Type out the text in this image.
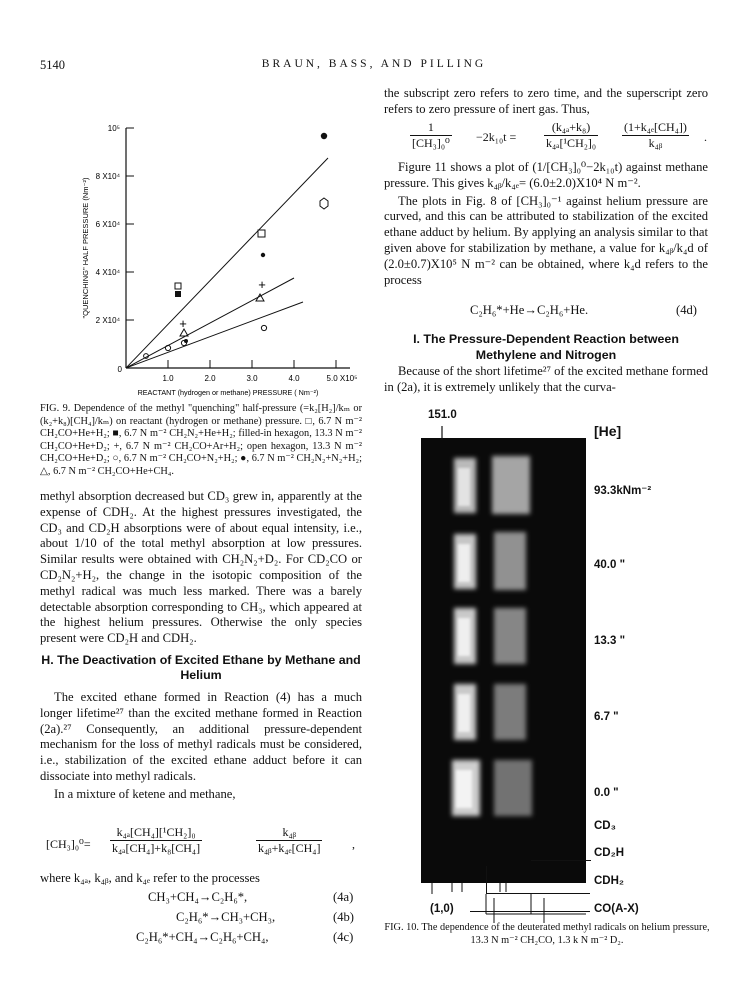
5140	BRAUN, BASS, AND PILLING
10⁵
8 X10⁴
6 X10⁴
4 X10⁴
2 X10⁴
0
1.0	2.0	3.0	4.0	5.0 X10⁵
"QUENCHING" HALF PRESSURE (Nm⁻²)
REACTANT (hydrogen or methane) PRESSURE ( Nm⁻²)
+
+
FIG. 9. Dependence of the methyl "quenching" half-pressure (=k₂[H₂]/kₘ or (k₂+k₈)[CH₄]/kₘ) on reactant (hydrogen or methane) pressure. □, 6.7 N m⁻² CH₂CO+He+H₂; ■, 6.7 N m⁻² CH₂N₂+He+H₂; filled-in hexagon, 13.3 N m⁻² CH₂CO+He+D₂; +, 6.7 N m⁻² CH₂CO+Ar+H₂; open hexagon, 13.3 N m⁻² CH₂CO+He+D₂; ○, 6.7 N m⁻² CH₂CO+N₂+H₂; ●, 6.7 N m⁻² CH₂N₂+N₂+H₂; △, 6.7 N m⁻² CH₂CO+He+CH₄.

methyl absorption decreased but CD₃ grew in, apparently at the expense of CDH₂. At the highest pressures investigated, the CD₃ and CD₂H absorptions were of about equal intensity, i.e., about 1/10 of the total methyl absorption at low pressures. Similar results were obtained with CH₂N₂+D₂. For CD₂CO or CD₂N₂+H₂, the change in the isotopic composition of the methyl radical was much less marked. There was a barely detectable absorption corresponding to CH₃, which appeared at the highest helium pressures. Otherwise the only species present were CD₂H and CDH₂.

H. The Deactivation of Excited Ethane by Methane and Helium

The excited ethane formed in Reaction (4) has a much longer lifetime²⁷ than the excited methane formed in Reaction (2a).²⁷ Consequently, an additional pressure-dependent mechanism for the loss of methyl radicals must be considered, i.e., stabilization of the excited ethane adduct before it can dissociate into methyl radicals.

In a mixture of ketene and methane,

$[CH_3]_0^0= \frac{\text{k₄ₐ[CH₄][¹CH₂]₀}}{\text{k₄ₐ[CH₄]+k₈[CH₄]}}$	$\frac{\text{k₄ᵦ}}{\text{k₄ᵦ+k₄ₑ[CH₄]}}$ ,
where k₄ₐ, k₄ᵦ, and k₄ₑ refer to the processes
CH₃+CH₄→C₂H₆*,	(4a)
C₂H₆*→CH₃+CH₃,	(4b)
C₂H₆*+CH₄→C₂H₆+CH₄,	(4c)

the subscript zero refers to zero time, and the superscript zero refers to zero pressure of inert gas. Thus,

$\frac{1}{\text{[CH₃]₀⁰}} -2k_{10}t = \frac{\text{(k₄ₐ+k₈)}}{\text{k₄ₐ[¹CH₂]₀}} \frac{\text{(1+k₄ₑ[CH₄])}}{\text{k₄ᵦ}}$ .

Figure 11 shows a plot of (1/[CH₃]₀⁰−2k₁₀t) against methane pressure. This gives k₄ᵦ/k₄ₑ= (6.0±2.0)X10⁴ N m⁻².

The plots in Fig. 8 of [CH₃]₀⁻¹ against helium pressure are curved, and this can be attributed to stabilization of the excited ethane adduct by helium. By applying an analysis similar to that given above for stabilization by methane, a value for k₄ᵦ/k₄d of (2.0±0.7)X10⁵ N m⁻² can be obtained, where k₄d refers to the process

C₂H₆*+He→C₂H₆+He.	(4d)
I. The Pressure-Dependent Reaction between Methylene and Nitrogen

Because of the short lifetime²⁷ of the excited methane formed in (2a), it is extremely unlikely that the curva-

151.0
[He]
93.3kNm⁻²
40.0 "
13.3 "
6.7 "
0.0 "
CD₃
CD₂H
CDH₂
CO(A-X)
(1,0)
FIG. 10. The dependence of the deuterated methyl radicals on helium pressure, 13.3 N m⁻² CH₂CO, 1.3 k N m⁻² D₂.
